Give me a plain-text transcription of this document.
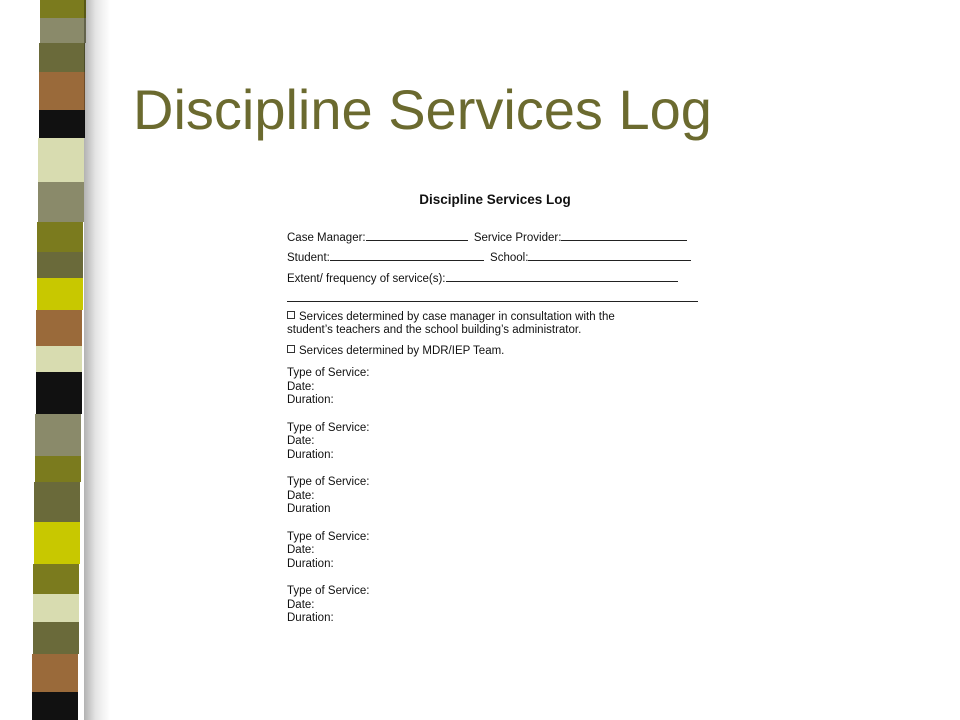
Discipline Services Log
Discipline Services Log
Case Manager:	Service Provider:
Student:	School:
Extent/ frequency of service(s):
Services determined by case manager in consultation with the
student’s teachers and the school building’s administrator.
Services determined by MDR/IEP Team.
Type of Service:
Date:
Duration:
Type of Service:
Date:
Duration:
Type of Service:
Date:
Duration
Type of Service:
Date:
Duration:
Type of Service:
Date:
Duration:
